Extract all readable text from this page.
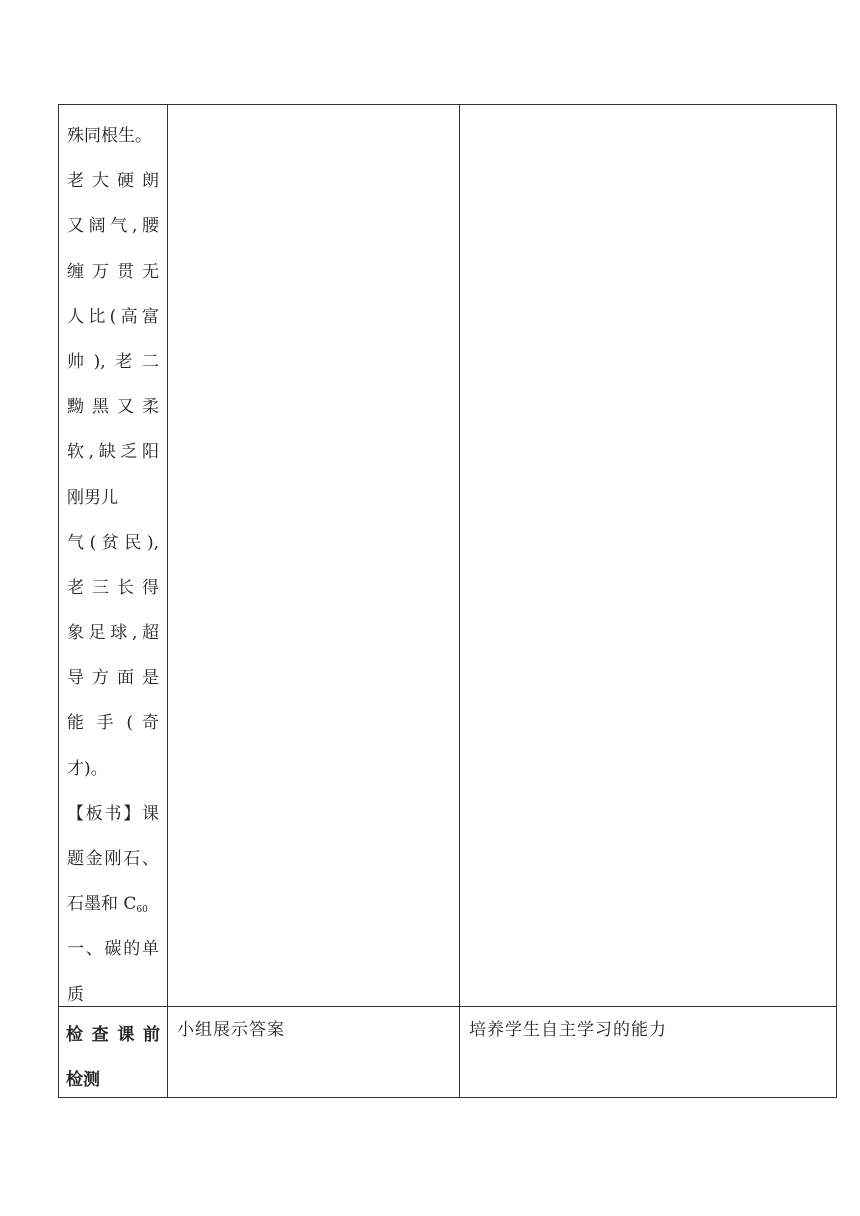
殊同根生。
老 大 硬 朗
又阔气,腰
缠 万 贯 无
人比(高富
帅),老二
黝 黑 又 柔
软,缺乏阳
刚男儿
气(贫民),
老 三 长 得
象足球,超
导 方 面 是
能 手 ( 奇
才)。
【板书】课
题金刚石、
石墨和 $C_{60}$
一、碳的单
质
检查课前
检测
小组展示答案	培养学生自主学习的能力
